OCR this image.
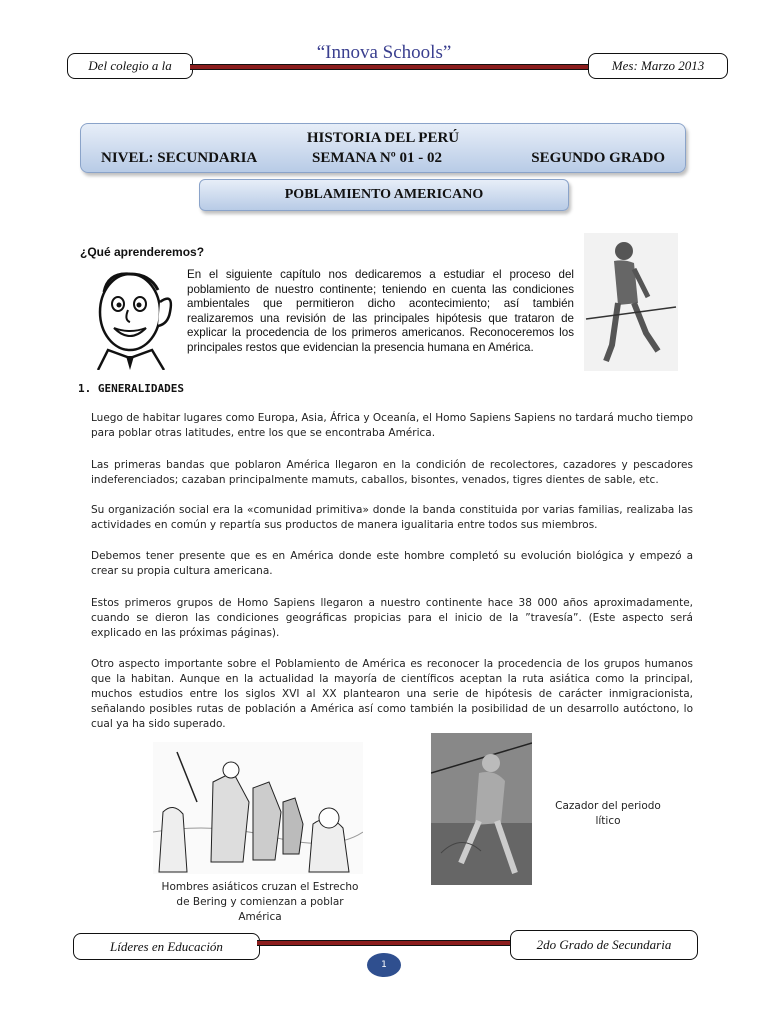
“Innova Schools”
Del colegio a la	Mes: Marzo 2013
HISTORIA DEL PERÚ
NIVEL: SECUNDARIA	SEMANA Nº 01 - 02	SEGUNDO GRADO
POBLAMIENTO AMERICANO
¿Qué aprenderemos?
En el siguiente capítulo nos dedicaremos a estudiar el proceso del poblamiento de nuestro continente; teniendo en cuenta las condiciones ambientales que permitieron dicho acontecimiento; así también realizaremos una revisión de las principales hipótesis que trataron de explicar la procedencia de los primeros americanos. Reconoceremos los principales restos que evidencian la presencia humana en América.
1. GENERALIDADES
Luego de habitar lugares como Europa, Asia, África y Oceanía, el Homo Sapiens Sapiens no tardará mucho tiempo para poblar otras latitudes, entre los que se encontraba América.
Las primeras bandas que poblaron América llegaron en la condición de recolectores, cazadores y pescadores indeferenciados; cazaban principalmente mamuts, caballos, bisontes, venados, tigres dientes de sable, etc.
Su organización social era la «comunidad primitiva» donde la banda constituida por varias familias, realizaba las actividades en común y repartía sus productos de manera igualitaria entre todos sus miembros.
Debemos tener presente que es en América donde este hombre completó su evolución biológica y empezó a crear su propia cultura americana.
Estos primeros grupos de Homo Sapiens llegaron a nuestro continente hace 38 000 años aproximadamente, cuando se dieron las condiciones geográficas propicias para el inicio de la ”travesía”. (Este aspecto será explicado en las próximas páginas).
Otro aspecto importante sobre el Poblamiento de América es reconocer la procedencia de los grupos humanos que la habitan. Aunque en la actualidad la mayoría de científicos aceptan la ruta asiática como la principal, muchos estudios entre los siglos XVI al XX plantearon una serie de hipótesis de carácter inmigracionista, señalando posibles rutas de población a América así como también la posibilidad de un desarrollo autóctono, lo cual ya ha sido superado.
Hombres asiáticos cruzan el Estrecho de Bering y comienzan a poblar América
Cazador del periodo lítico
Líderes en Educación	2do Grado de Secundaria
1
